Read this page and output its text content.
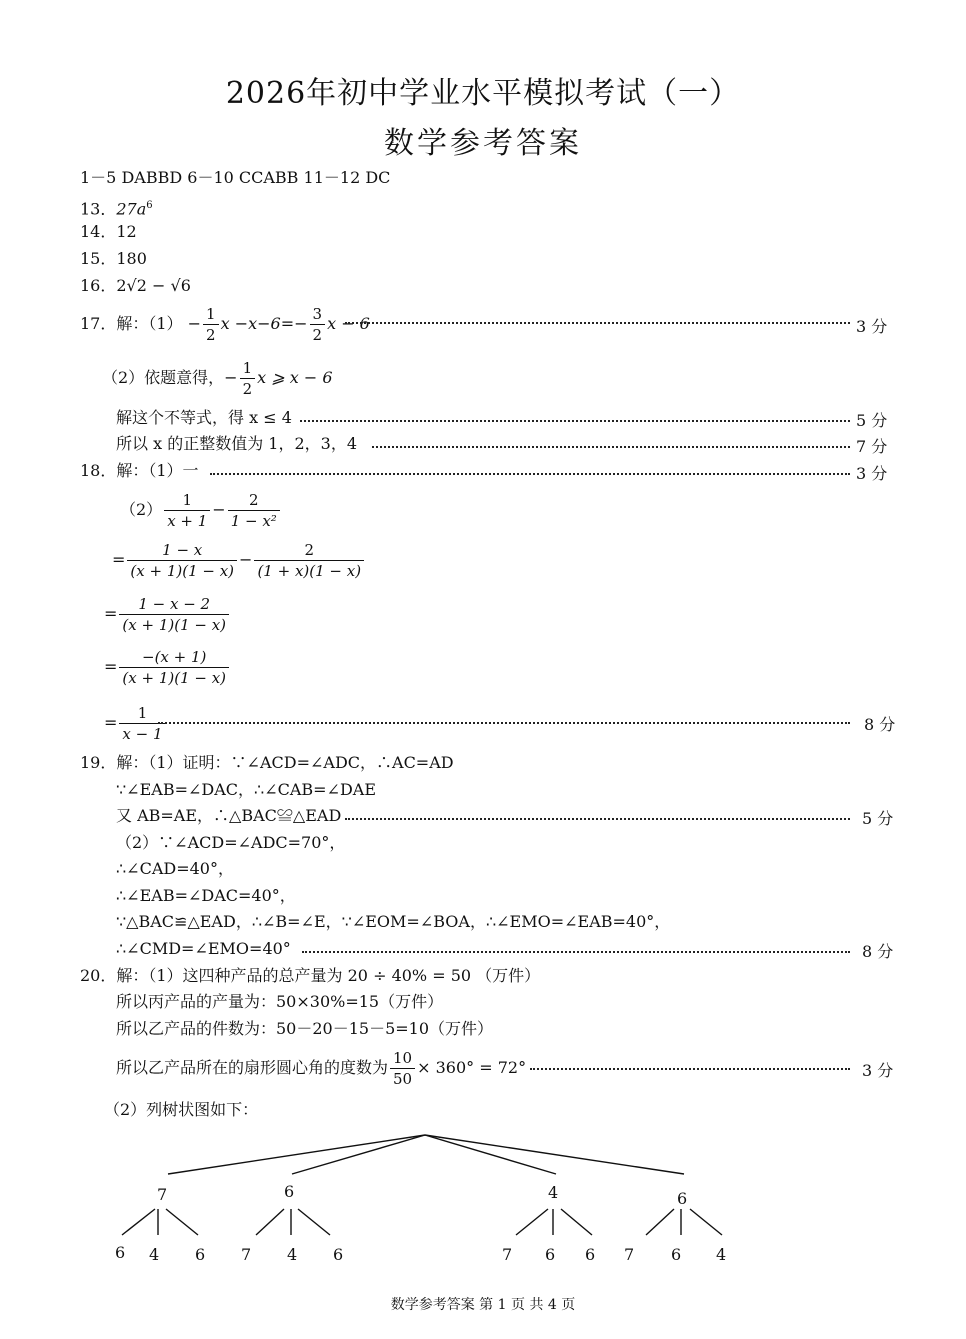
2026年初中学业水平模拟考试（一）
数学参考答案
1－5 DABBD 6－10 CCABB 11－12 DC
13．$27a^6$
14．12
15．180
16．2√2 − √6
17．解：$(1) - \frac{1}{2}$ $x -x-6=- \frac{3}{2}$ x − 6	3 分
（2）依题意得，− $\frac{1}{2}$ x ⩾ x − 6
解这个不等式，得 x ≤ 4	5 分
所以 x 的正整数值为 1，2，3，4	7 分
18．解：（1）一	3 分
$(2) \frac{1}{x + 1} - \frac{2}{\text{1 − x²}}$
= $\frac{1 - x}{(x + 1)(1 - x)} - \frac{2}{(1 + x)(1 - x)}$
= $\frac{1 - x - 2}{(x + 1)(1 - x)}$
= $\frac{-(x + 1)}{(x + 1)(1 - x)}$
= $\frac{1}{x - 1}$	8 分
19．解：（1）证明：∵∠ACD=∠ADC，∴AC=AD
∵∠EAB=∠DAC，∴∠CAB=∠DAE
又 AB=AE，∴△BAC≌△EAD	5 分
（2）∵∠ACD=∠ADC=70°，
∴∠CAD=40°，
∴∠EAB=∠DAC=40°，
∵△BAC≌△EAD，∴∠B=∠E，∵∠EOM=∠BOA，∴∠EMO=∠EAB=40°，
∴∠CMD=∠EMO=40°	8 分
20．解：（1）这四种产品的总产量为 20 ÷ 40% = 50 （万件）
所以丙产品的产量为：50×30%=15（万件）
所以乙产品的件数为：50－20－15－5=10（万件）
所以乙产品所在的扇形圆心角的度数为 $\frac{10}{50} \times 360^\circ = 72^\circ$	3 分
（2）列树状图如下：
7	6	4	6
6 4 6 7 4 6	7 6 6 7 6 4
数学参考答案 第 1 页 共 4 页
